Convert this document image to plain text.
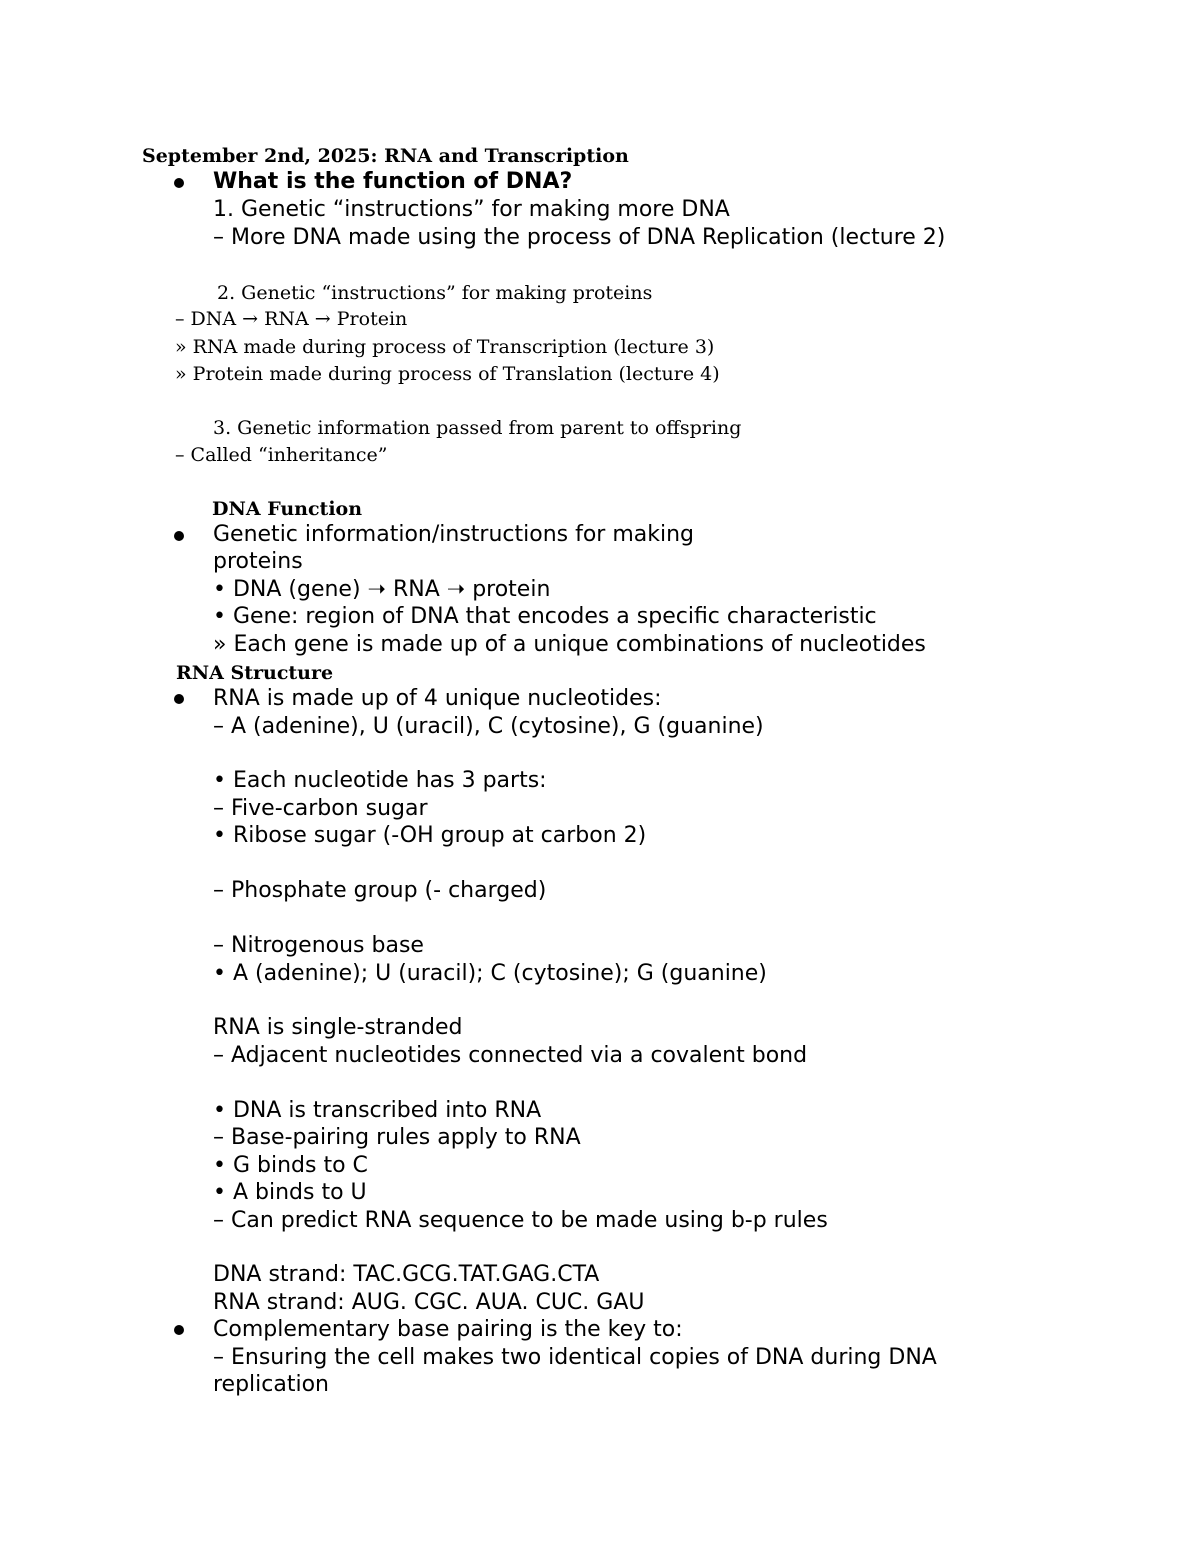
September 2nd, 2025: RNA and Transcription
What is the function of DNA?
1. Genetic “instructions” for making more DNA
– More DNA made using the process of DNA Replication (lecture 2)
2. Genetic “instructions” for making proteins
– DNA → RNA → Protein
» RNA made during process of Transcription (lecture 3)
» Protein made during process of Translation (lecture 4)
3. Genetic information passed from parent to offspring
– Called “inheritance”
DNA Function
Genetic information/instructions for making
proteins
• DNA (gene) ➝ RNA ➝ protein
• Gene: region of DNA that encodes a specific characteristic
» Each gene is made up of a unique combinations of nucleotides
RNA Structure
RNA is made up of 4 unique nucleotides:
– A (adenine), U (uracil), C (cytosine), G (guanine)
• Each nucleotide has 3 parts:
– Five-carbon sugar
• Ribose sugar (-OH group at carbon 2)
– Phosphate group (- charged)
– Nitrogenous base
• A (adenine); U (uracil); C (cytosine); G (guanine)
RNA is single-stranded
– Adjacent nucleotides connected via a covalent bond
• DNA is transcribed into RNA
– Base-pairing rules apply to RNA
• G binds to C
• A binds to U
– Can predict RNA sequence to be made using b-p rules
DNA strand: TAC.GCG.TAT.GAG.CTA
RNA strand: AUG. CGC. AUA. CUC. GAU
Complementary base pairing is the key to:
– Ensuring the cell makes two identical copies of DNA during DNA
replication
